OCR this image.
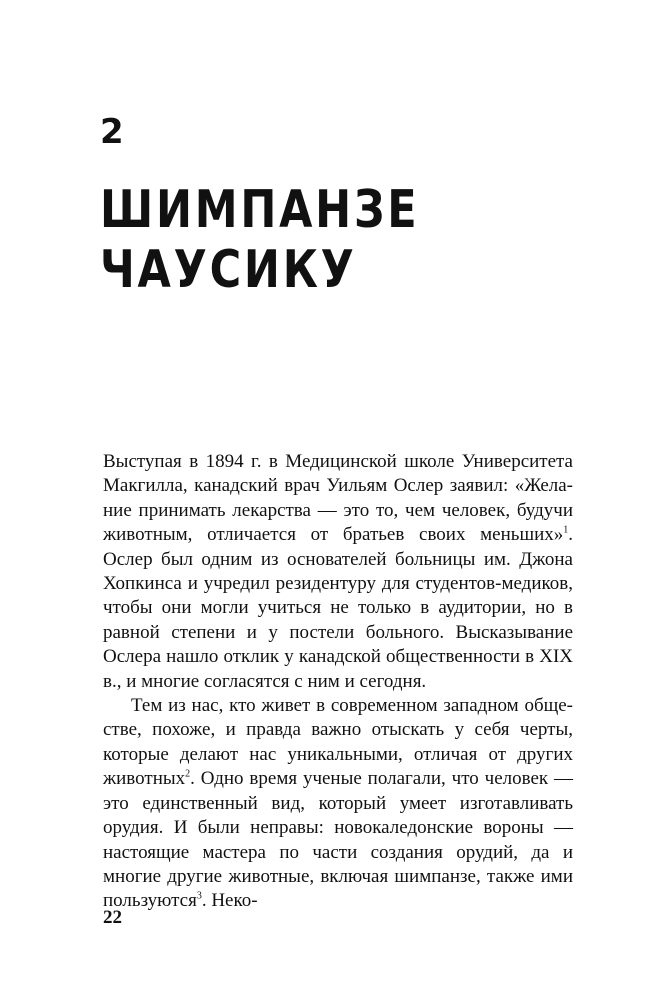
2
ШИМПАНЗЕ
ЧАУСИКУ

Выступая в 1894 г. в Медицинской школе Университета Макгилла, канадский врач Уильям Ослер заявил: «Желание принимать лекарства — это то, чем человек, будучи животным, отличается от братьев своих меньших»$^1$. Ослер был одним из основателей больницы им. Джона Хопкинса и учредил резидентуру для студентов-медиков, чтобы они могли учиться не только в аудитории, но в равной степени и у постели больного. Высказывание Ослера нашло отклик у канадской общественности в XIX в., и многие согласятся с ним и сегодня.

Тем из нас, кто живет в современном западном обществе, похоже, и правда важно отыскать у себя черты, которые делают нас уникальными, отличая от других животных$^2$. Одно время ученые полагали, что человек — это единственный вид, который умеет изготавливать орудия. И были неправы: новокаледонские вороны — настоящие мастера по части создания орудий, да и многие другие животные, включая шимпанзе, также ими пользуются$^3$. Неко-

22
